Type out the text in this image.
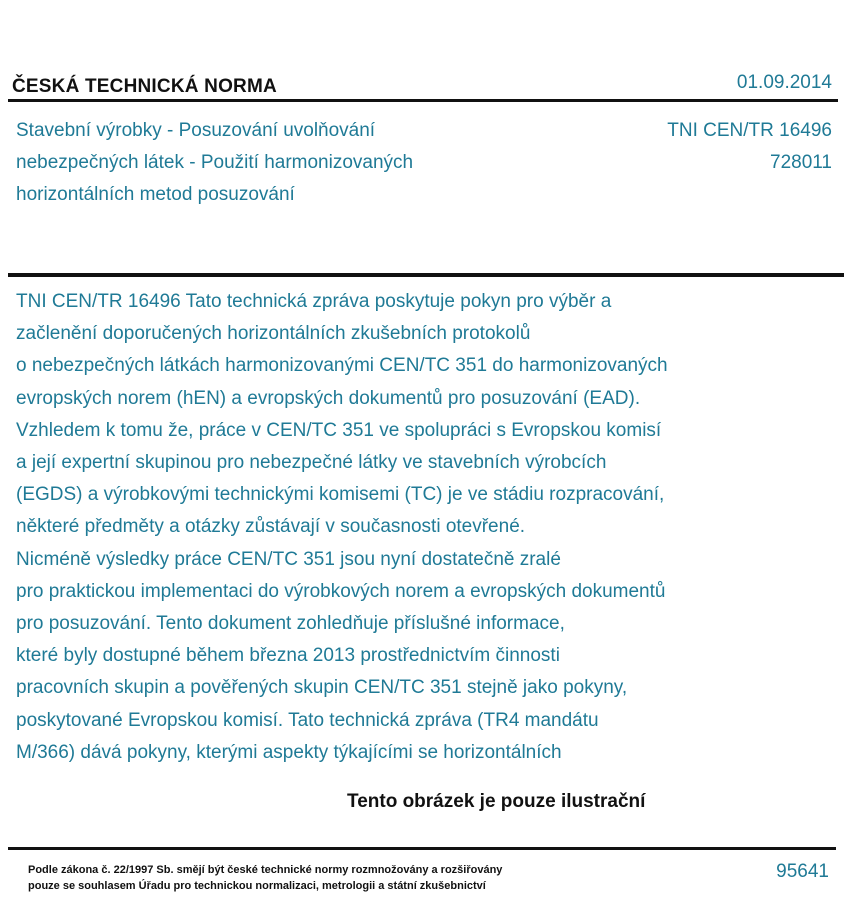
ČESKÁ TECHNICKÁ NORMA	01.09.2014
Stavební výrobky - Posuzování uvolňování
nebezpečných látek - Použití harmonizovaných
horizontálních metod posuzování
TNI CEN/TR 16496
728011
TNI CEN/TR 16496 Tato technická zpráva poskytuje pokyn pro výběr a
začlenění doporučených horizontálních zkušebních protokolů
o nebezpečných látkách harmonizovanými CEN/TC 351 do harmonizovaných
evropských norem (hEN) a evropských dokumentů pro posuzování (EAD).
Vzhledem k tomu že, práce v CEN/TC 351 ve spolupráci s Evropskou komisí
a její expertní skupinou pro nebezpečné látky ve stavebních výrobcích
(EGDS) a výrobkovými technickými komisemi (TC) je ve stádiu rozpracování,
některé předměty a otázky zůstávají v současnosti otevřené.
Nicméně výsledky práce CEN/TC 351 jsou nyní dostatečně zralé
pro praktickou implementaci do výrobkových norem a evropských dokumentů
pro posuzování. Tento dokument zohledňuje příslušné informace,
které byly dostupné během března 2013 prostřednictvím činnosti
pracovních skupin a pověřených skupin CEN/TC 351 stejně jako pokyny,
poskytované Evropskou komisí. Tato technická zpráva (TR4 mandátu
M/366) dává pokyny, kterými aspekty týkajícími se horizontálních
Tento obrázek je pouze ilustrační
Podle zákona č. 22/1997 Sb. smějí být české technické normy rozmnožovány a rozšiřovány
pouze se souhlasem Úřadu pro technickou normalizaci, metrologii a státní zkušebnictví
95641
